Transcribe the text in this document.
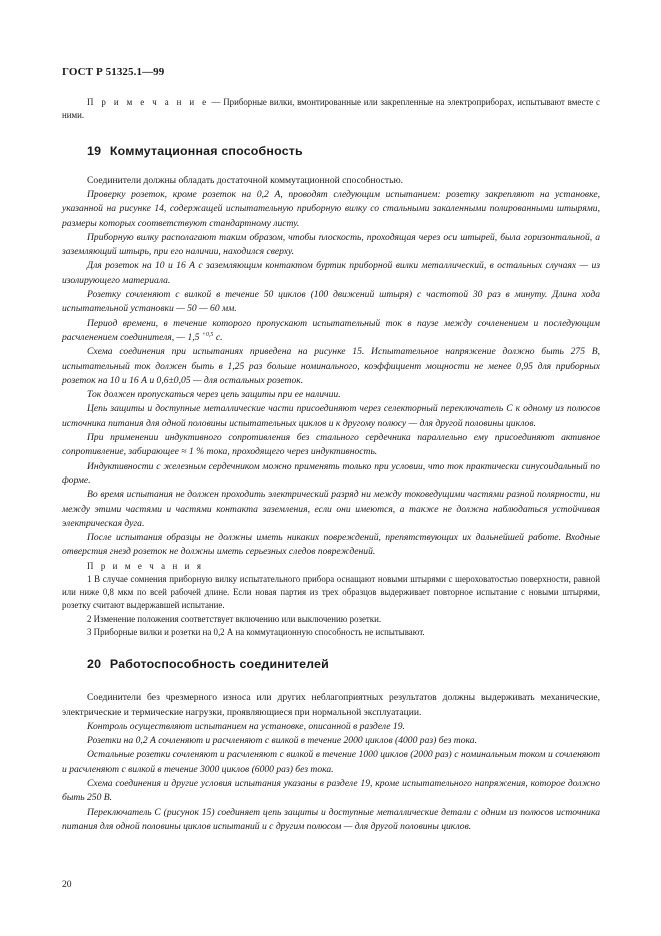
ГОСТ Р 51325.1—99

П р и м е ч а н и е — Приборные вилки, вмонтированные или закрепленные на электроприборах, испытывают вместе с ними.

19 Коммутационная способность

Соединители должны обладать достаточной коммутационной способностью.

Проверку розеток, кроме розеток на 0,2 А, проводят следующим испытанием: розетку закрепляют на установке, указанной на рисунке 14, содержащей испытательную приборную вилку со стальными закаленными полированными штырями, размеры которых соответствуют стандартному листу.

Приборную вилку располагают таким образом, чтобы плоскость, проходящая через оси штырей, была горизонтальной, а заземляющий штырь, при его наличии, находился сверху.

Для розеток на 10 и 16 А с заземляющим контактом буртик приборной вилки металлический, в остальных случаях — из изолирующего материала.

Розетку сочленяют с вилкой в течение 50 циклов (100 движений штыря) с частотой 30 раз в минуту. Длина хода испытательной установки — 50 — 60 мм.

Период времени, в течение которого пропускают испытательный ток в паузе между сочленением и последующим расчленением соединителя, — 1,5 $^{+0,5}$ с.

Схема соединения при испытаниях приведена на рисунке 15. Испытательное напряжение должно быть 275 В, испытательный ток должен быть в 1,25 раз больше номинального, коэффициент мощности не менее 0,95 для приборных розеток на 10 и 16 А и 0,6±0,05 — для остальных розеток.

Ток должен пропускаться через цепь защиты при ее наличии.

Цепь защиты и доступные металлические части присоединяют через селекторный переключатель С к одному из полюсов источника питания для одной половины испытательных циклов и к другому полюсу — для другой половины циклов.

При применении индуктивного сопротивления без стального сердечника параллельно ему присоединяют активное сопротивление, забирающее ≈ 1 % тока, проходящего через индуктивность.

Индуктивности с железным сердечником можно применять только при условии, что ток практически синусоидальный по форме.

Во время испытания не должен проходить электрический разряд ни между токоведущими частями разной полярности, ни между этими частями и частями контакта заземления, если они имеются, а также не должна наблюдаться устойчивая электрическая дуга.

После испытания образцы не должны иметь никаких повреждений, препятствующих их дальнейшей работе. Входные отверстия гнезд розеток не должны иметь серьезных следов повреждений.

П р и м е ч а н и я

1 В случае сомнения приборную вилку испытательного прибора оснащают новыми штырями с шероховатостью поверхности, равной или ниже 0,8 мкм по всей рабочей длине. Если новая партия из трех образцов выдерживает повторное испытание с новыми штырями, розетку считают выдержавшей испытание.

2 Изменение положения соответствует включению или выключению розетки.

3 Приборные вилки и розетки на 0,2 А на коммутационную способность не испытывают.

20 Работоспособность соединителей

Соединители без чрезмерного износа или других неблагоприятных результатов должны выдерживать механические, электрические и термические нагрузки, проявляющиеся при нормальной эксплуатации.

Контроль осуществляют испытанием на установке, описанной в разделе 19.

Розетки на 0,2 А сочленяют и расчленяют с вилкой в течение 2000 циклов (4000 раз) без тока.

Остальные розетки сочленяют и расчленяют с вилкой в течение 1000 циклов (2000 раз) с номинальным током и сочленяют и расчленяют с вилкой в течение 3000 циклов (6000 раз) без тока.

Схема соединения и другие условия испытания указаны в разделе 19, кроме испытательного напряжения, которое должно быть 250 В.

Переключатель С (рисунок 15) соединяет цепь защиты и доступные металлические детали с одним из полюсов источника питания для одной половины циклов испытаний и с другим полюсом — для другой половины циклов.

20
